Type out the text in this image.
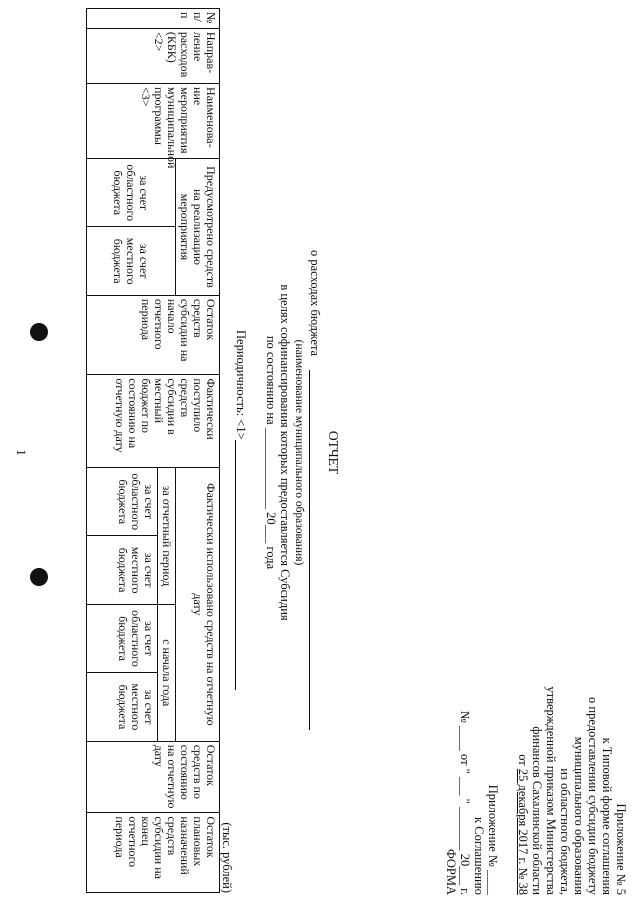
Приложение № 5
к Типовой форме соглашения
о предоставлении субсидии бюджету
муниципального образования
из областного бюджета,
утвержденной приказом Министерства
финансов Сахалинской области
от 25 декабря 2017 г. № 38
Приложение № ____
к Соглашению
№ ____ от " ___ " _______ 20___ г.
ФОРМА
ОТЧЕТ
о расходах бюджета
(наименование муниципального образования)
в целях софинансирования которых предоставляется Субсидия
по состоянию на _____________ 20___ года
Периодичность: <1>
(тыс. рублей)
№ п/п	Направ-ление расходов (КБК)<2>	Наименова-ние мероприятия муниципальной программы <3>	Предусмотрено средств на реализацию мероприятия		Остаток средств субсидии на начало отчетного периода	Фактически поступило средств субсидии в местный бюджет по состоянию на отчетную дату	Фактически использовано средств на отчетную дату				Остаток средств по состоянию на отчетную дату	Остаток плановых назначений средств субсидии на конец отчетного периода
			за счет областного бюджета	за счет местного бюджета			за отчетный период		с начала года			
							за счет областного бюджета	за счет местного бюджета	за счет областного бюджета	за счет местного бюджета		
1
